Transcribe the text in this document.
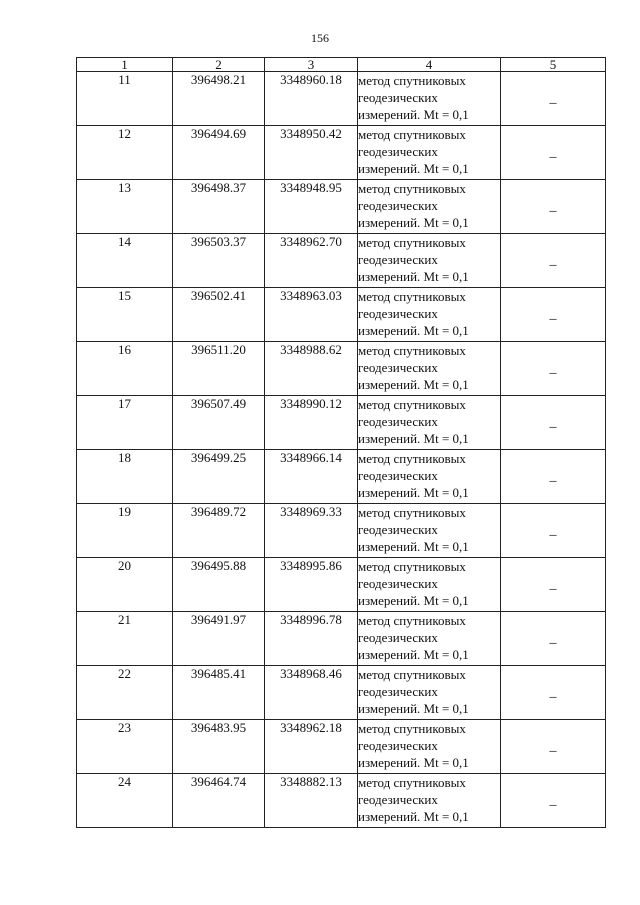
156
1	2	3	4	5
11	396498.21	3348960.18	метод спутниковых
геодезических
измерений. Mt = 0,1	_
12	396494.69	3348950.42	метод спутниковых
геодезических
измерений. Mt = 0,1	_
13	396498.37	3348948.95	метод спутниковых
геодезических
измерений. Mt = 0,1	_
14	396503.37	3348962.70	метод спутниковых
геодезических
измерений. Mt = 0,1	_
15	396502.41	3348963.03	метод спутниковых
геодезических
измерений. Mt = 0,1	_
16	396511.20	3348988.62	метод спутниковых
геодезических
измерений. Mt = 0,1	_
17	396507.49	3348990.12	метод спутниковых
геодезических
измерений. Mt = 0,1	_
18	396499.25	3348966.14	метод спутниковых
геодезических
измерений. Mt = 0,1	_
19	396489.72	3348969.33	метод спутниковых
геодезических
измерений. Mt = 0,1	_
20	396495.88	3348995.86	метод спутниковых
геодезических
измерений. Mt = 0,1	_
21	396491.97	3348996.78	метод спутниковых
геодезических
измерений. Mt = 0,1	_
22	396485.41	3348968.46	метод спутниковых
геодезических
измерений. Mt = 0,1	_
23	396483.95	3348962.18	метод спутниковых
геодезических
измерений. Mt = 0,1	_
24	396464.74	3348882.13	метод спутниковых
геодезических
измерений. Mt = 0,1	_
